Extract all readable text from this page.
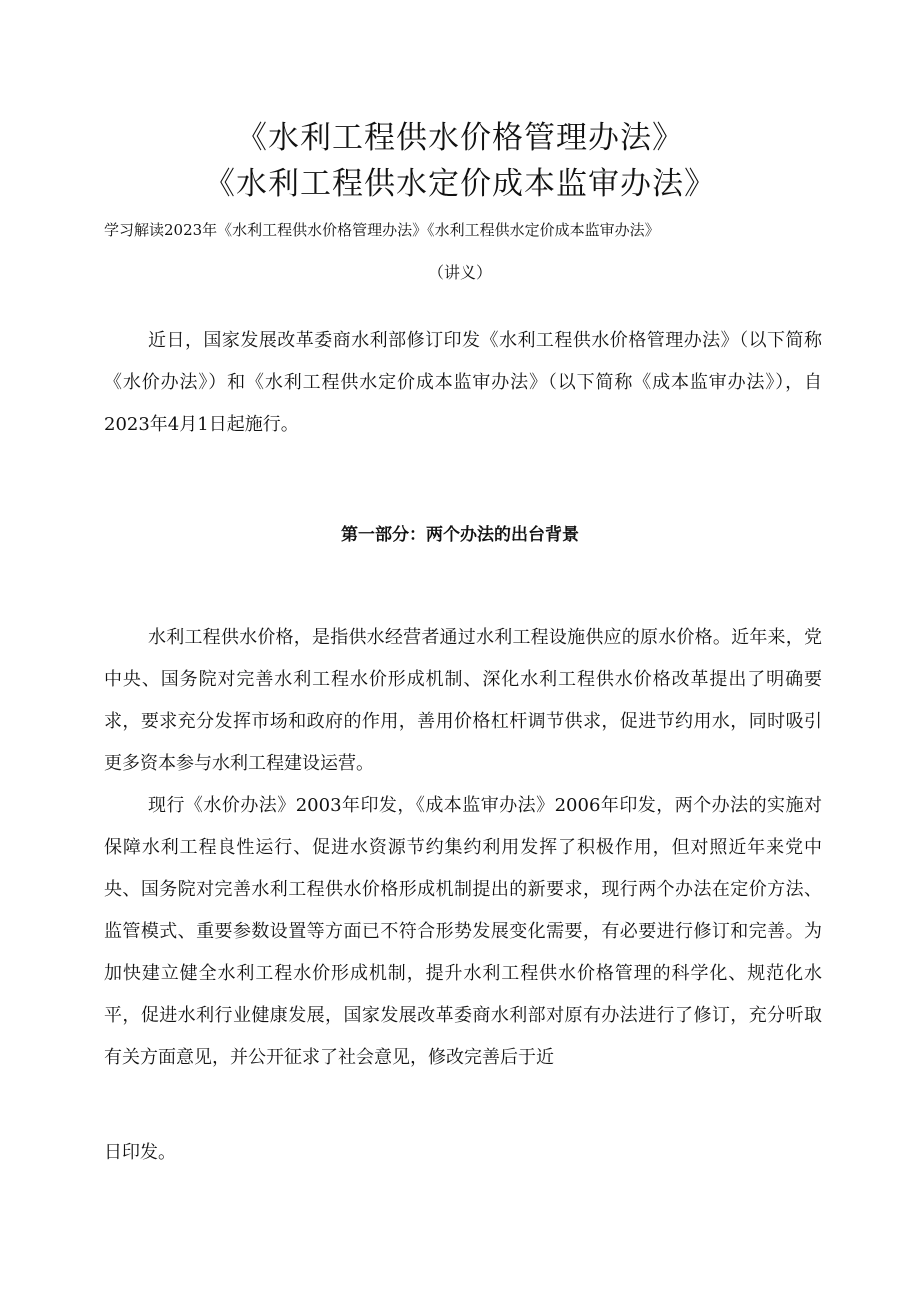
《水利工程供水价格管理办法》
《水利工程供水定价成本监审办法》
学习解读2023年《水利工程供水价格管理办法》《水利工程供水定价成本监审办法》
（讲义）

近日，国家发展改革委商水利部修订印发《水利工程供水价格管理办法》（以下简称《水价办法》）和《水利工程供水定价成本监审办法》（以下简称《成本监审办法》），自2023年4月1日起施行。

第一部分：两个办法的出台背景

水利工程供水价格，是指供水经营者通过水利工程设施供应的原水价格。近年来，党中央、国务院对完善水利工程水价形成机制、深化水利工程供水价格改革提出了明确要求，要求充分发挥市场和政府的作用，善用价格杠杆调节供求，促进节约用水，同时吸引更多资本参与水利工程建设运营。

现行《水价办法》2003年印发，《成本监审办法》2006年印发，两个办法的实施对保障水利工程良性运行、促进水资源节约集约利用发挥了积极作用，但对照近年来党中央、国务院对完善水利工程供水价格形成机制提出的新要求，现行两个办法在定价方法、监管模式、重要参数设置等方面已不符合形势发展变化需要，有必要进行修订和完善。为加快建立健全水利工程水价形成机制，提升水利工程供水价格管理的科学化、规范化水平，促进水利行业健康发展，国家发展改革委商水利部对原有办法进行了修订，充分听取有关方面意见，并公开征求了社会意见，修改完善后于近

日印发。
